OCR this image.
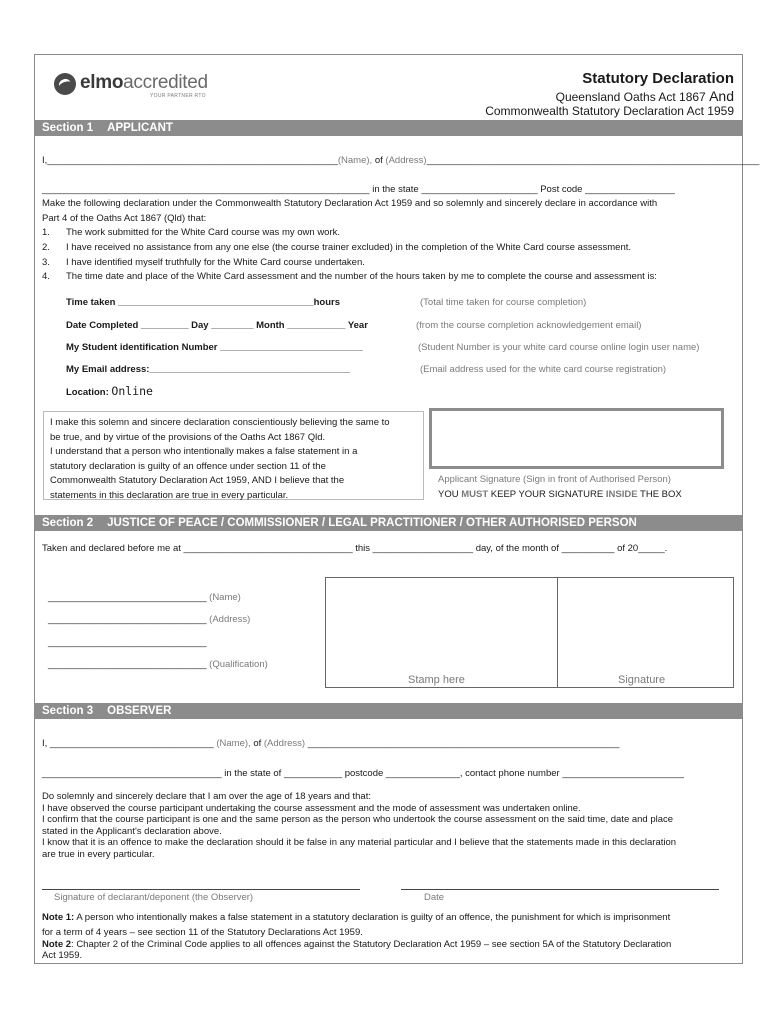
elmoaccredited
YOUR PARTNER RTO
Statutory Declaration
Queensland Oaths Act 1867 And
Commonwealth Statutory Declaration Act 1959
Section 1 APPLICANT
I,_______________________________________________________(Name), of (Address)_______________________________________________________________
______________________________________________________________ in the state ______________________ Post code _________________
Make the following declaration under the Commonwealth Statutory Declaration Act 1959 and so solemnly and sincerely declare in accordance with
Part 4 of the Oaths Act 1867 (Qld) that:
1. The work submitted for the White Card course was my own work.
2. I have received no assistance from any one else (the course trainer excluded) in the completion of the White Card course assessment.
3. I have identified myself truthfully for the White Card course undertaken.
4. The time date and place of the White Card assessment and the number of the hours taken by me to complete the course and assessment is:
Time taken _____________________________________hours	(Total time taken for course completion)
Date Completed _________ Day ________ Month ___________ Year	(from the course completion acknowledgement email)
My Student identification Number ___________________________	(Student Number is your white card course online login user name)
My Email address:______________________________________	(Email address used for the white card course registration)
Location: Online
I make this solemn and sincere declaration conscientiously believing the same to
be true, and by virtue of the provisions of the Oaths Act 1867 Qld.
I understand that a person who intentionally makes a false statement in a
statutory declaration is guilty of an offence under section 11 of the
Commonwealth Statutory Declaration Act 1959, AND I believe that the
statements in this declaration are true in every particular.
Applicant Signature (Sign in front of Authorised Person)
YOU MUST KEEP YOUR SIGNATURE INSIDE THE BOX
Section 2 JUSTICE OF PEACE / COMMISSIONER / LEGAL PRACTITIONER / OTHER AUTHORISED PERSON
Taken and declared before me at ________________________________ this ___________________ day, of the month of __________ of 20_____.
______________________________ (Name)
______________________________ (Address)
______________________________
______________________________ (Qualification)
Stamp here	Signature
Section 3 OBSERVER
I, _______________________________ (Name), of (Address) ___________________________________________________________
__________________________________ in the state of ___________ postcode ______________, contact phone number _______________________
Do solemnly and sincerely declare that I am over the age of 18 years and that:
I have observed the course participant undertaking the course assessment and the mode of assessment was undertaken online.
I confirm that the course participant is one and the same person as the person who undertook the course assessment on the said time, date and place
stated in the Applicant's declaration above.
I know that it is an offence to make the declaration should it be false in any material particular and I believe that the statements made in this declaration
are true in every particular.
Signature of declarant/deponent (the Observer)	Date
Note 1: A person who intentionally makes a false statement in a statutory declaration is guilty of an offence, the punishment for which is imprisonment
for a term of 4 years – see section 11 of the Statutory Declarations Act 1959.
Note 2: Chapter 2 of the Criminal Code applies to all offences against the Statutory Declaration Act 1959 – see section 5A of the Statutory Declaration
Act 1959.
